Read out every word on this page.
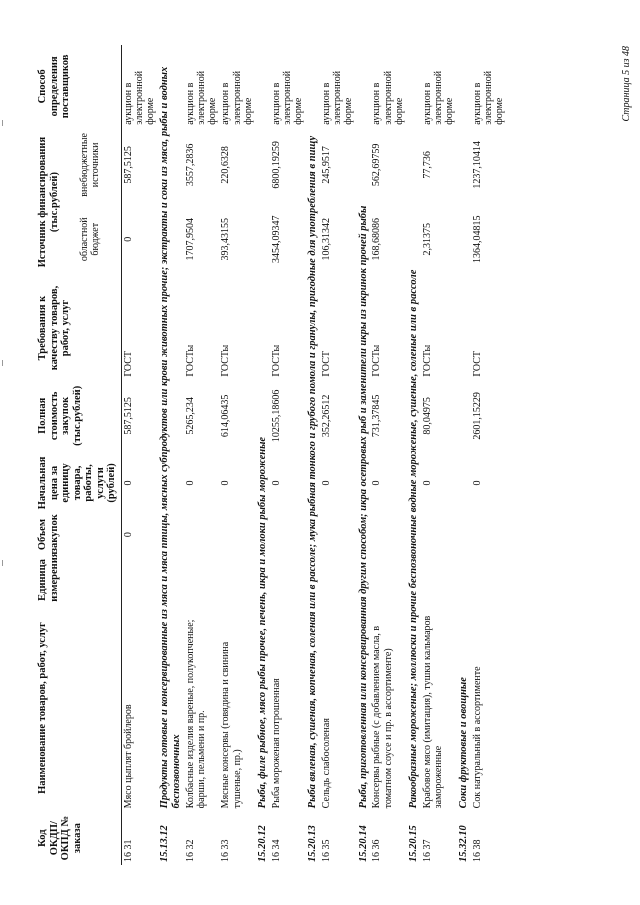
Код ОКДП/ ОКПД № заказа	Наименование товаров, работ, услуг	Единица измерения	Объем закупок	Начальная цена за единицу товара, работы, услуги (рублей)	Полная стоимость закупок (тыс.рублей)	Требования к качеству товаров, работ, услуг	Источник финансирования (тыс.рублей)		Способ определения поставщиков
							областной бюджет	внебюджетные источники	

16 31	Мясо цыплят бройлеров		0	0	587,5125	ГОСТ	0	587,5125	аукцион в электронной форме
15.13.12	Продукты готовые и консервированные из мяса и мяса птицы, мясных субпродуктов или крови животных прочие; экстракты и соки из мяса, рыбы и водных беспозвоночных								
16 32	Колбасные изделия вареные, полукопченые; фарши, пельмени и пр.			0	5265,234	ГОСТы	1707,9504	3557,2836	аукцион в электронной форме
16 33	Мясные консервы (говядина и свинина тушеные, пр.)			0	614,06435	ГОСТы	393,43155	220,6328	аукцион в электронной форме
15.20.12	Рыба, филе рыбное, мясо рыбы прочее, печень, икра и молоки рыбы мороженые								
16 34	Рыба мороженая потрошенная			0	10255,18606	ГОСТы	3454,09347	6800,19259	аукцион в электронной форме
15.20.13	Рыба вяленая, сушеная, копченая, соленая или в рассоле; мука рыбная тонкого и грубого помола и гранулы, пригодные для употребления в пищу								
16 35	Сельдь слабосоленая			0	352,26512	ГОСТ	106,31342	245,9517	аукцион в электронной форме
15.20.14	Рыба, приготовленная или консервированная другим способом; икра осетровых рыб и заменители икры из икринок прочей рыбы								
16 36	Консервы рыбные (с добавлением масла, в томатном соусе и пр. в ассортименте)			0	731,37845	ГОСТы	168,68086	562,69759	аукцион в электронной форме
15.20.15	Ракообразные мороженые; моллюски и прочие беспозвоночные водные мороженые, сушеные, соленые или в рассоле								
16 37	Крабовое мясо (имитация), тушки кальмаров замороженные			0	80,04975	ГОСТы	2,31375	77,736	аукцион в электронной форме
15.32.10	Соки фруктовые и овощные								
16 38	Сок натуральный в ассортименте			0	2601,15229	ГОСТ	1364,04815	1237,10414	аукцион в электронной форме	Страница 5 из 48
